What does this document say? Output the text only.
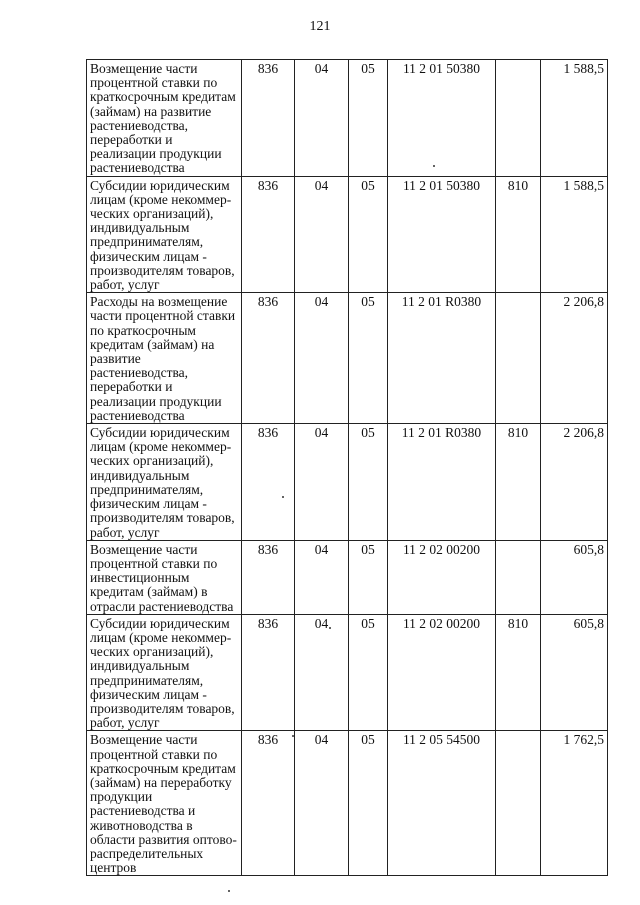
121
Возмещение части процентной ставки по краткосрочным кредитам (займам) на развитие растениеводства, переработки и реализации продукции растениеводства	836	04	05	11 2 01 50380		1 588,5
Субсидии юридическим лицам (кроме некоммер-ческих организаций), индивидуальным предпринимателям, физическим лицам - производителям товаров, работ, услуг	836	04	05	11 2 01 50380	810	1 588,5
Расходы на возмещение части процентной ставки по краткосрочным кредитам (займам) на развитие растениеводства, переработки и реализации продукции растениеводства	836	04	05	11 2 01 R0380		2 206,8
Субсидии юридическим лицам (кроме некоммер-ческих организаций), индивидуальным предпринимателям, физическим лицам - производителям товаров, работ, услуг	836	04	05	11 2 01 R0380	810	2 206,8
Возмещение части процентной ставки по инвестиционным кредитам (займам) в отрасли растениеводства	836	04	05	11 2 02 00200		605,8
Субсидии юридическим лицам (кроме некоммер-ческих организаций), индивидуальным предпринимателям, физическим лицам - производителям товаров, работ, услуг	836	04	05	11 2 02 00200	810	605,8
Возмещение части процентной ставки по краткосрочным кредитам (займам) на переработку продукции растениеводства и животноводства в области развития оптово-распределительных центров	836	04	05	11 2 05 54500		1 762,5
